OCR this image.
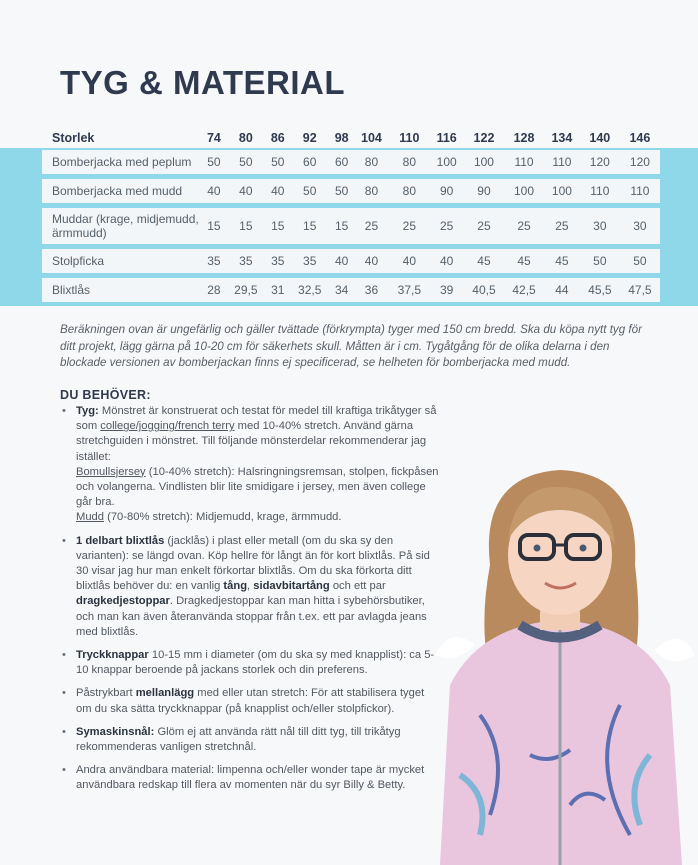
TYG & MATERIAL
Storlek	74	80	86	92	98	104	110	116	122	128	134	140	146
Bomberjacka med peplum	50	50	50	60	60	80	80	100	100	110	110	120	120
Bomberjacka med mudd	40	40	40	50	50	80	80	90	90	100	100	110	110
Muddar (krage, midjemudd, ärmmudd)	15	15	15	15	15	25	25	25	25	25	25	30	30
Stolpficka	35	35	35	35	40	40	40	40	45	45	45	50	50
Blixtlås	28	29,5	31	32,5	34	36	37,5	39	40,5	42,5	44	45,5	47,5
Beräkningen ovan är ungefärlig och gäller tvättade (förkrympta) tyger med 150 cm bredd. Ska du köpa nytt tyg för ditt projekt, lägg gärna på 10-20 cm för säkerhets skull. Måtten är i cm. Tygåtgång för de olika delarna i den blockade versionen av bomberjackan finns ej specificerad, se helheten för bomberjacka med mudd.
DU BEHÖVER:
• Tyg: Mönstret är konstruerat och testat för medel till kraftiga trikåtyger så som college/jogging/french terry med 10-40% stretch. Använd gärna stretchguiden i mönstret. Till följande mönsterdelar rekommenderar jag istället:
Bomullsjersey (10-40% stretch): Halsringningsremsan, stolpen, fickpåsen och volangerna. Vindlisten blir lite smidigare i jersey, men även college går bra.
Mudd (70-80% stretch): Midjemudd, krage, ärmmudd.
• 1 delbart blixtlås (jacklås) i plast eller metall (om du ska sy den varianten): se längd ovan. Köp hellre för långt än för kort blixtlås. På sid 30 visar jag hur man enkelt förkortar blixtlås. Om du ska förkorta ditt blixtlås behöver du: en vanlig tång, sidavbitartång och ett par dragkedjestoppar. Dragkedjestoppar kan man hitta i sybehörsbutiker, och man kan även återanvända stoppar från t.ex. ett par avlagda jeans med blixtlås.
• Tryckknappar 10-15 mm i diameter (om du ska sy med knapplist): ca 5-10 knappar beroende på jackans storlek och din preferens.
• Påstrykbart mellanlägg med eller utan stretch: För att stabilisera tyget om du ska sätta tryckknappar (på knapplist och/eller stolpfickor).
• Symaskinsnål: Glöm ej att använda rätt nål till ditt tyg, till trikåtyg rekommenderas vanligen stretchnål.
• Andra användbara material: limpenna och/eller wonder tape är mycket användbara redskap till flera av momenten när du syr Billy & Betty.
